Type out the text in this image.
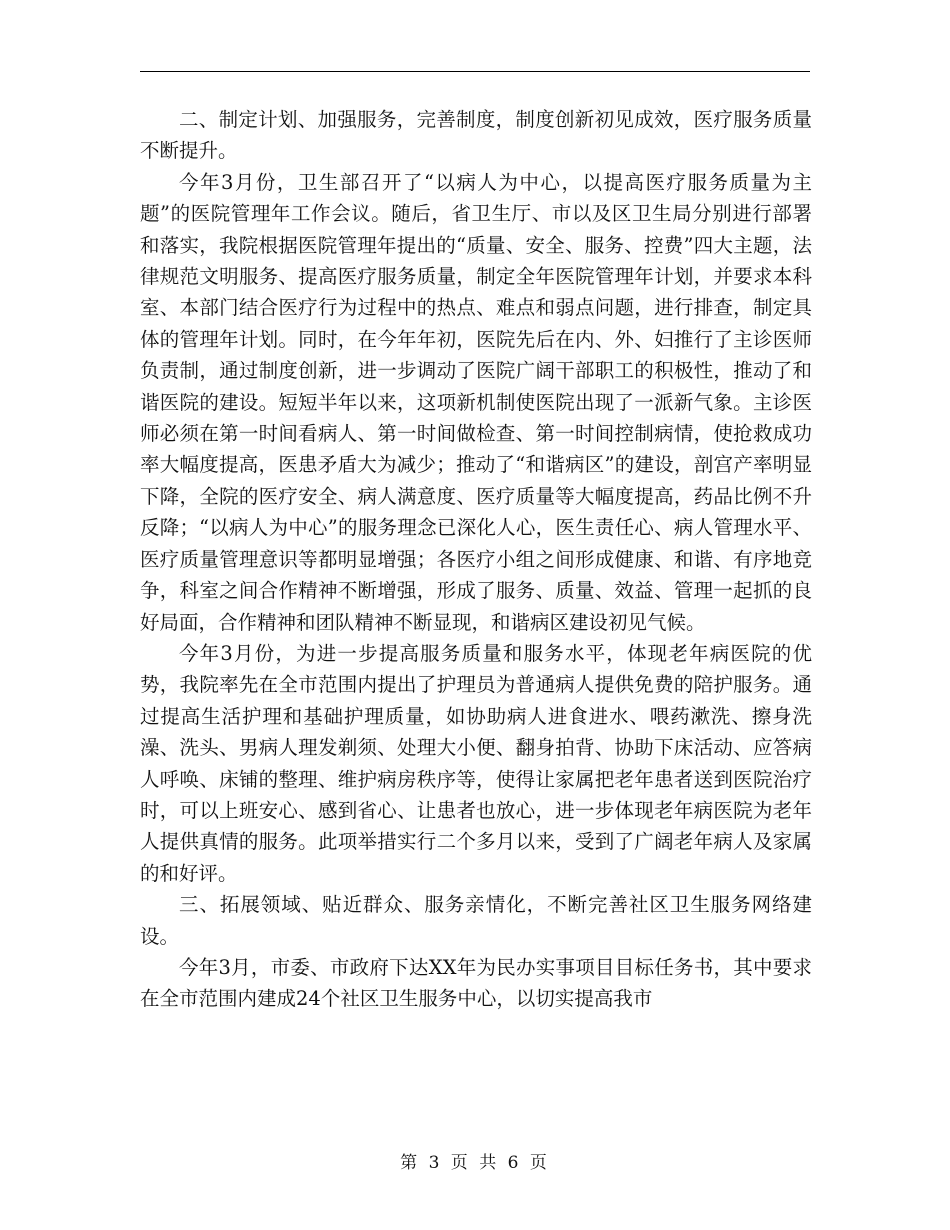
二、制定计划、加强服务，完善制度，制度创新初见成效，医疗服务质量不断提升。

今年3月份，卫生部召开了“以病人为中心，以提高医疗服务质量为主题”的医院管理年工作会议。随后，省卫生厅、市以及区卫生局分别进行部署和落实，我院根据医院管理年提出的“质量、安全、服务、控费”四大主题，法律规范文明服务、提高医疗服务质量，制定全年医院管理年计划，并要求本科室、本部门结合医疗行为过程中的热点、难点和弱点问题，进行排查，制定具体的管理年计划。同时，在今年年初，医院先后在内、外、妇推行了主诊医师负责制，通过制度创新，进一步调动了医院广阔干部职工的积极性，推动了和谐医院的建设。短短半年以来，这项新机制使医院出现了一派新气象。主诊医师必须在第一时间看病人、第一时间做检查、第一时间控制病情，使抢救成功率大幅度提高，医患矛盾大为减少；推动了“和谐病区”的建设，剖宫产率明显下降，全院的医疗安全、病人满意度、医疗质量等大幅度提高，药品比例不升反降；“以病人为中心”的服务理念已深化人心，医生责任心、病人管理水平、医疗质量管理意识等都明显增强；各医疗小组之间形成健康、和谐、有序地竞争，科室之间合作精神不断增强，形成了服务、质量、效益、管理一起抓的良好局面，合作精神和团队精神不断显现，和谐病区建设初见气候。

今年3月份，为进一步提高服务质量和服务水平，体现老年病医院的优势，我院率先在全市范围内提出了护理员为普通病人提供免费的陪护服务。通过提高生活护理和基础护理质量，如协助病人进食进水、喂药漱洗、擦身洗澡、洗头、男病人理发剃须、处理大小便、翻身拍背、协助下床活动、应答病人呼唤、床铺的整理、维护病房秩序等，使得让家属把老年患者送到医院治疗时，可以上班安心、感到省心、让患者也放心，进一步体现老年病医院为老年人提供真情的服务。此项举措实行二个多月以来，受到了广阔老年病人及家属的和好评。

三、拓展领域、贴近群众、服务亲情化，不断完善社区卫生服务网络建设。

今年3月，市委、市政府下达XX年为民办实事项目目标任务书，其中要求在全市范围内建成24个社区卫生服务中心，以切实提高我市

第 3 页 共 6 页
